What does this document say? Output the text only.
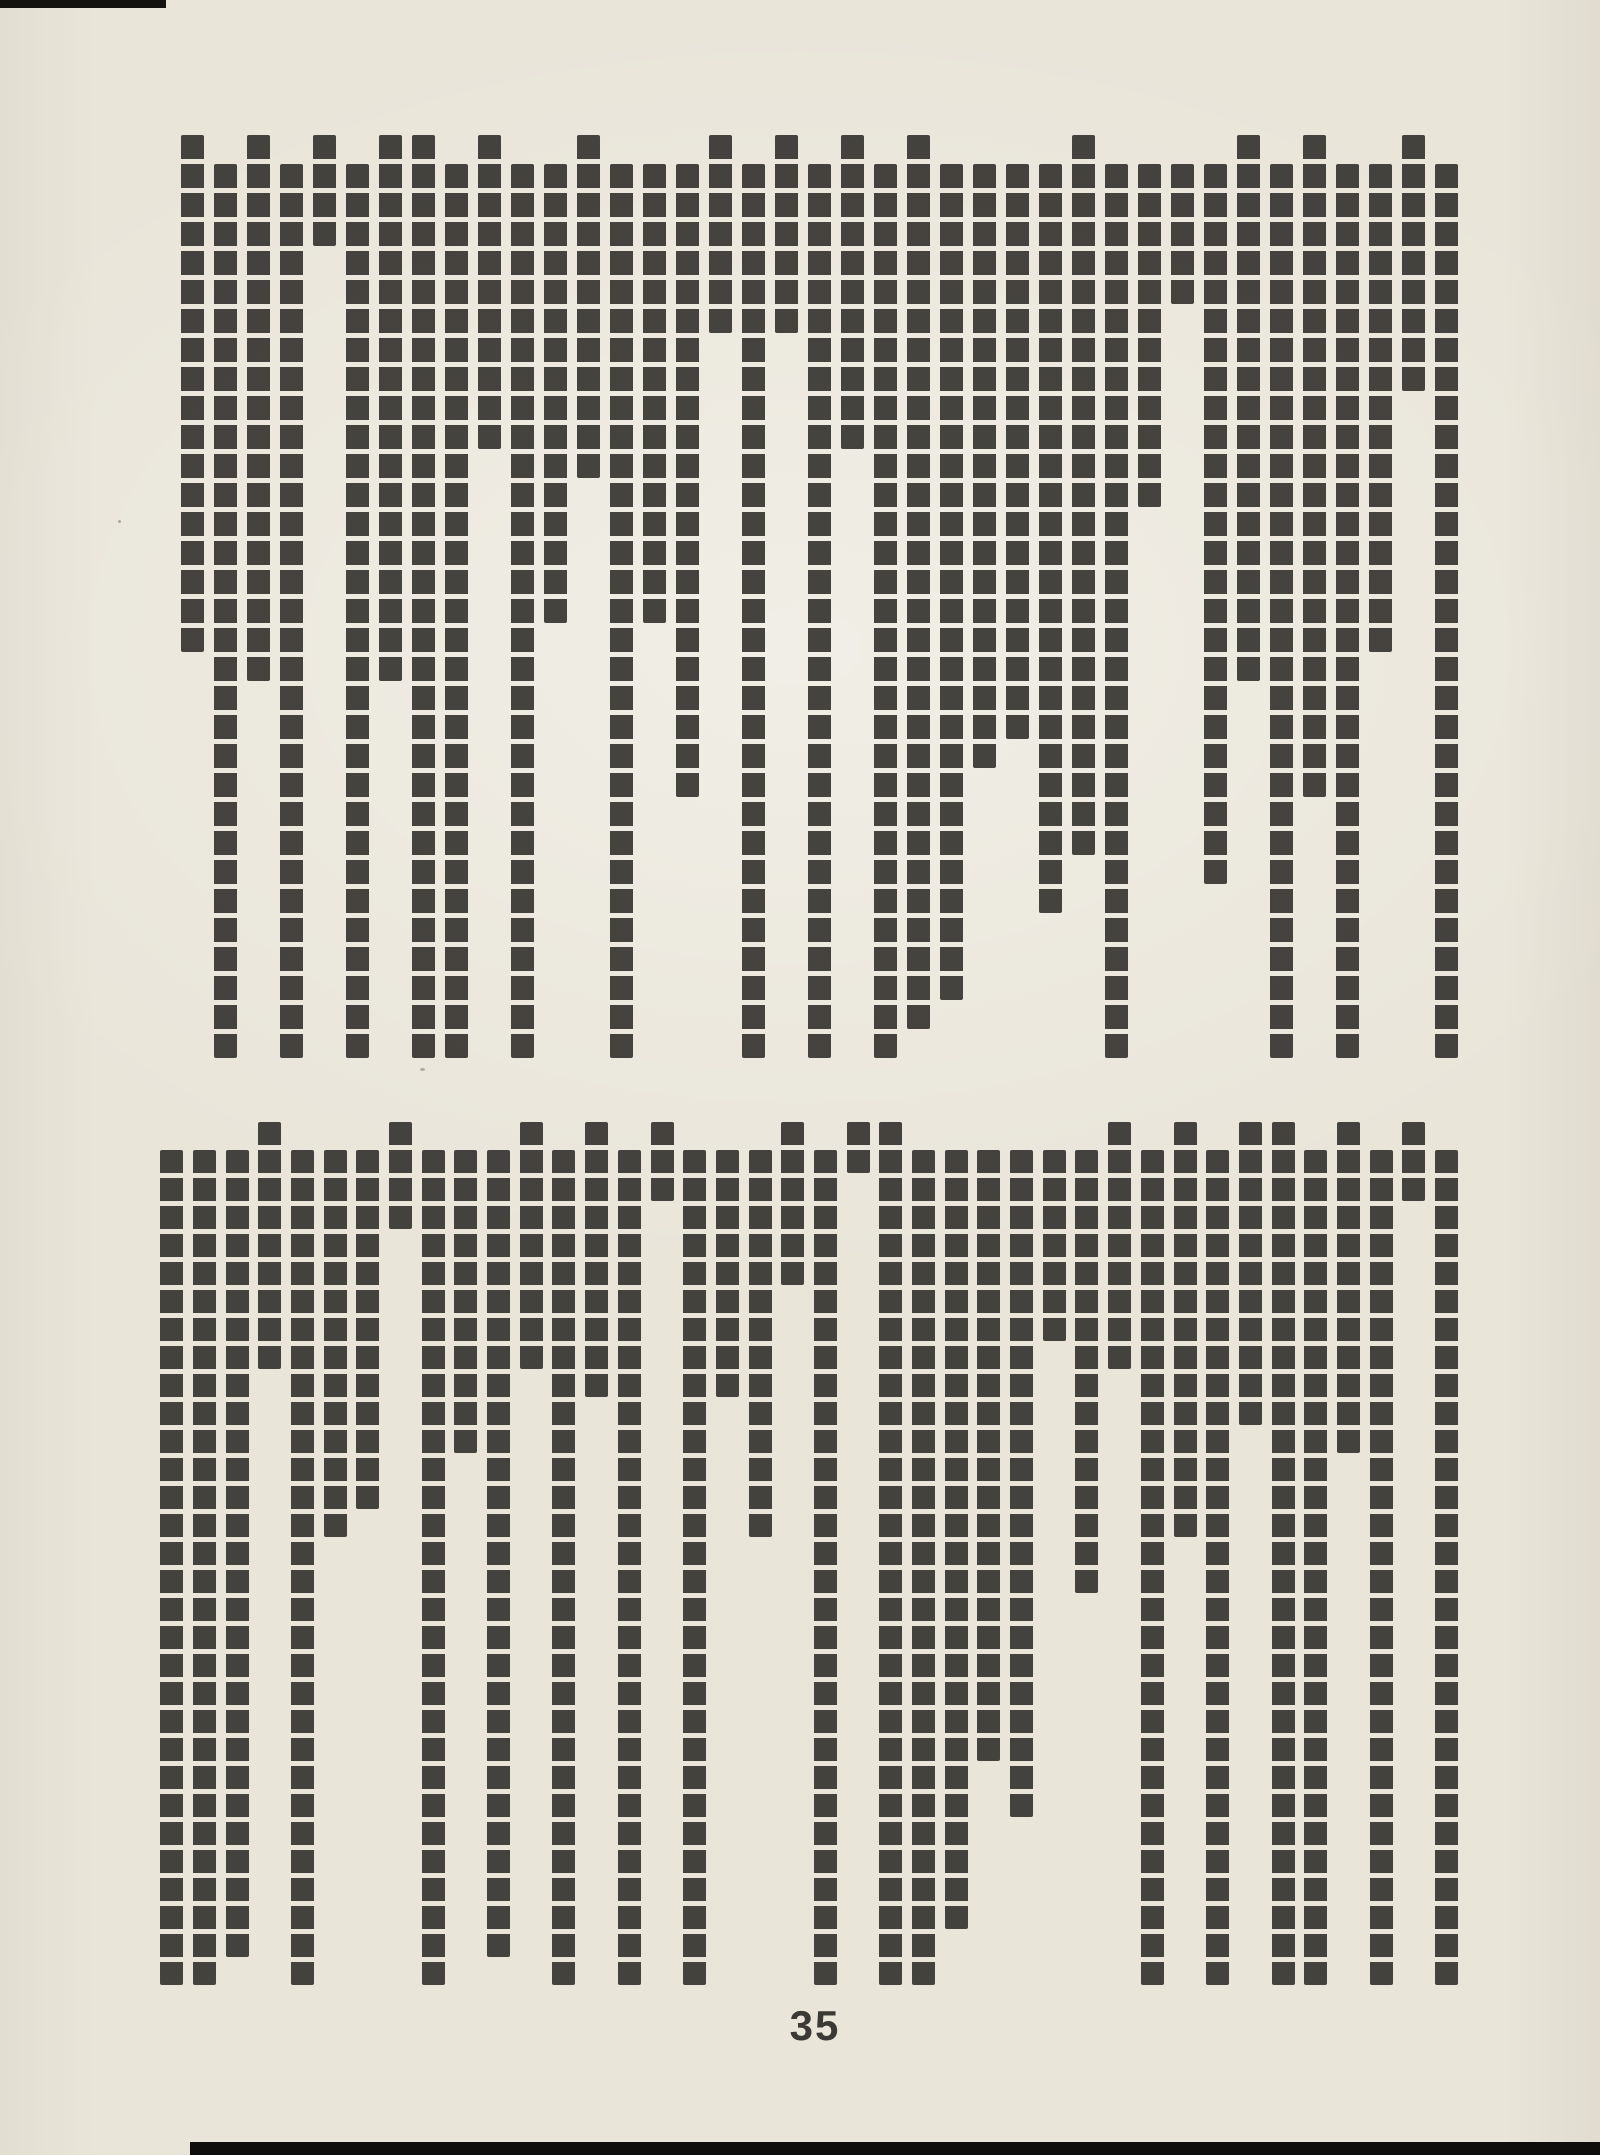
35
